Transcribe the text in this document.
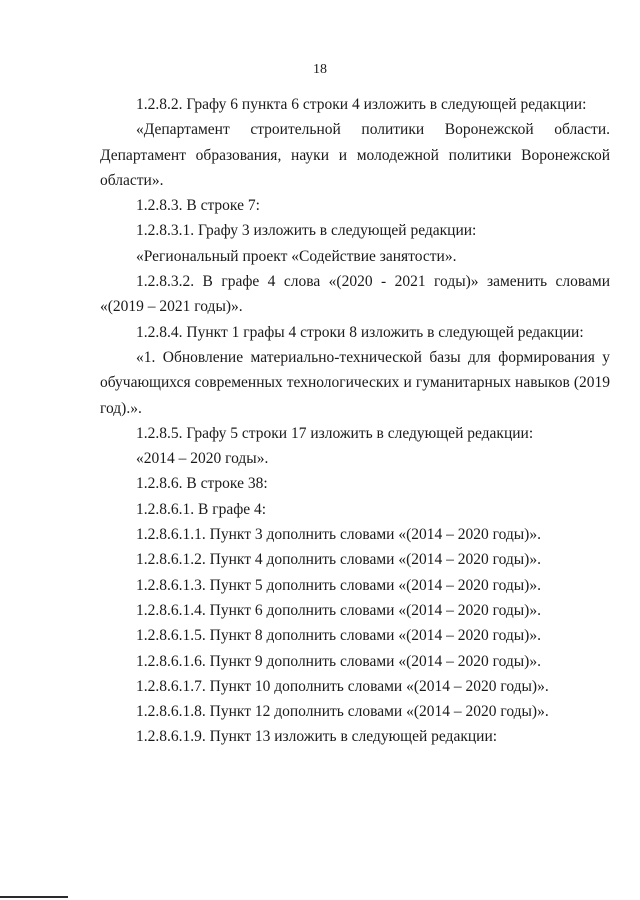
18

1.2.8.2. Графу 6 пункта 6 строки 4 изложить в следующей редакции:

«Департамент строительной политики Воронежской области. Департамент образования, науки и молодежной политики Воронежской области».

1.2.8.3. В строке 7:

1.2.8.3.1. Графу 3 изложить в следующей редакции:

«Региональный проект «Содействие занятости».

1.2.8.3.2. В графе 4 слова «(2020 - 2021 годы)» заменить словами «(2019 – 2021 годы)».

1.2.8.4. Пункт 1 графы 4 строки 8 изложить в следующей редакции:

«1. Обновление материально-технической базы для формирования у обучающихся современных технологических и гуманитарных навыков (2019 год).».

1.2.8.5. Графу 5 строки 17 изложить в следующей редакции:

«2014 – 2020 годы».

1.2.8.6. В строке 38:

1.2.8.6.1. В графе 4:

1.2.8.6.1.1. Пункт 3 дополнить словами «(2014 – 2020 годы)».

1.2.8.6.1.2. Пункт 4 дополнить словами «(2014 – 2020 годы)».

1.2.8.6.1.3. Пункт 5 дополнить словами «(2014 – 2020 годы)».

1.2.8.6.1.4. Пункт 6 дополнить словами «(2014 – 2020 годы)».

1.2.8.6.1.5. Пункт 8 дополнить словами «(2014 – 2020 годы)».

1.2.8.6.1.6. Пункт 9 дополнить словами «(2014 – 2020 годы)».

1.2.8.6.1.7. Пункт 10 дополнить словами «(2014 – 2020 годы)».

1.2.8.6.1.8. Пункт 12 дополнить словами «(2014 – 2020 годы)».

1.2.8.6.1.9. Пункт 13 изложить в следующей редакции:
